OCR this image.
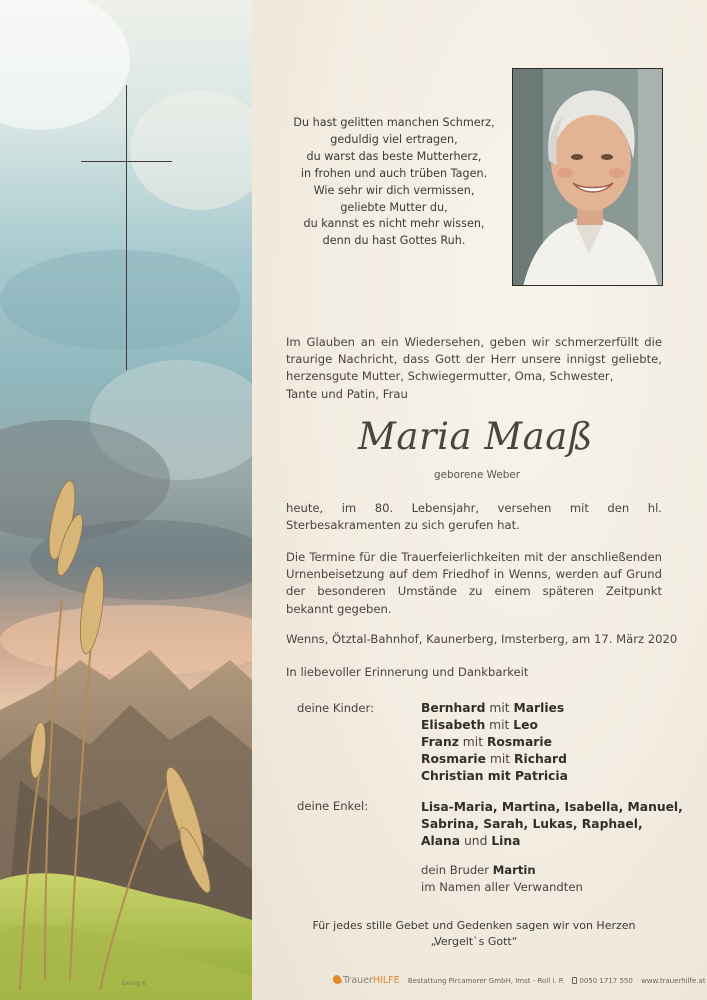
Georg K.
Du hast gelitten manchen Schmerz,
geduldig viel ertragen,
du warst das beste Mutterherz,
in frohen und auch trüben Tagen.
Wie sehr wir dich vermissen,
geliebte Mutter du,
du kannst es nicht mehr wissen,
denn du hast Gottes Ruh.
Im Glauben an ein Wiedersehen, geben wir schmerzerfüllt die traurige Nachricht, dass Gott der Herr unsere innigst geliebte, herzensgute Mutter, Schwiegermutter, Oma, Schwester,
Tante und Patin, Frau
Maria Maaß
geborene Weber
heute, im 80. Lebensjahr, versehen mit den hl. Sterbesakramenten zu sich gerufen hat.
Die Termine für die Trauerfeierlichkeiten mit der anschließenden Urnenbeisetzung auf dem Friedhof in Wenns, werden auf Grund der besonderen Umstände zu einem späteren Zeitpunkt bekannt gegeben.
Wenns, Ötztal-Bahnhof, Kaunerberg, Imsterberg, am 17. März 2020
In liebevoller Erinnerung und Dankbarkeit
deine Kinder:	Bernhard mit Marlies
Elisabeth mit Leo
Franz mit Rosmarie
Rosmarie mit Richard
Christian mit Patricia
deine Enkel:	Lisa-Maria, Martina, Isabella, Manuel,
Sabrina, Sarah, Lukas, Raphael,
Alana und Lina
dein Bruder Martin
im Namen aller Verwandten
Für jedes stille Gebet und Gedenken sagen wir von Herzen
„Vergelt`s Gott“
TrauerHILFE Bestattung Pircamorer GmbH, Imst - Roll i. P. 0050 1717 550 www.trauerhilfe.at
